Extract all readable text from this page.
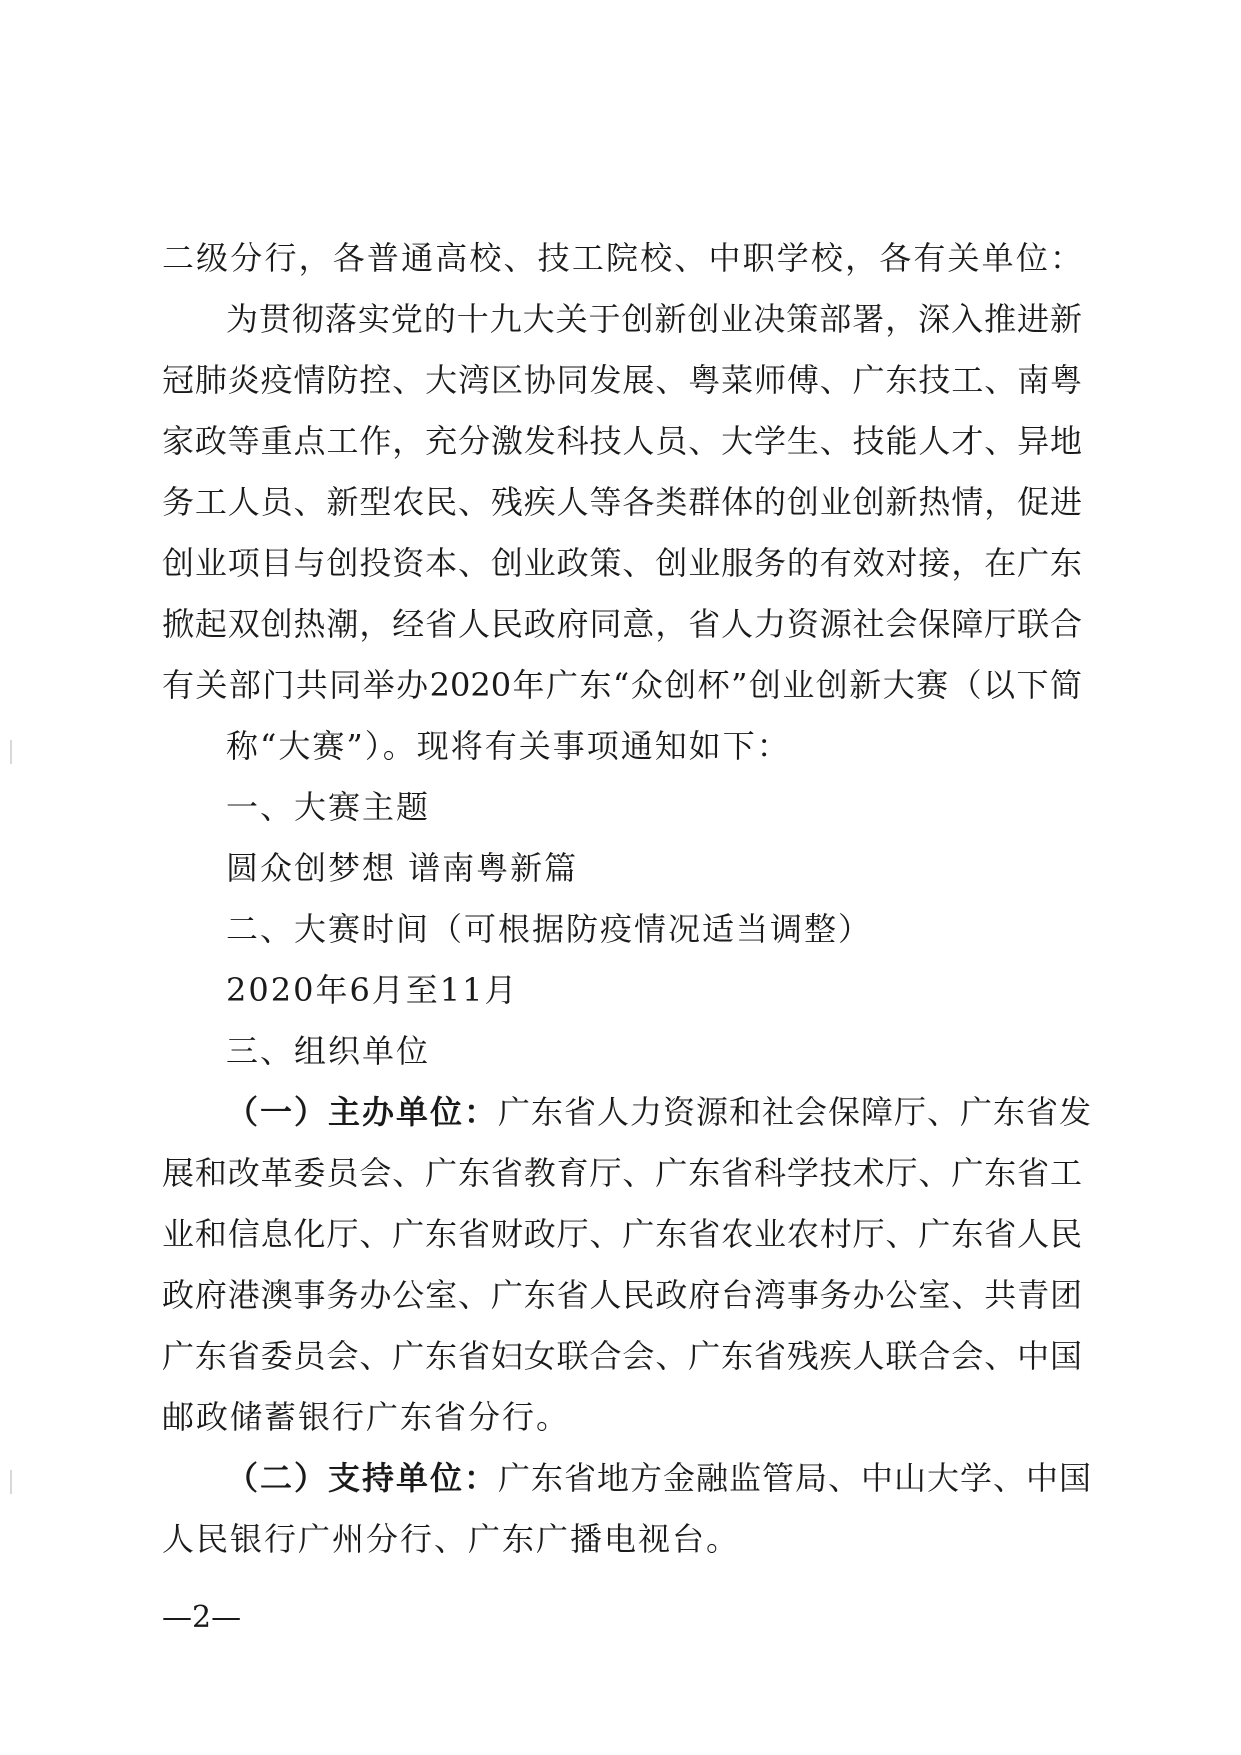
二级分行，各普通高校、技工院校、中职学校，各有关单位：
为贯彻落实党的十九大关于创新创业决策部署，深入推进新
冠肺炎疫情防控、大湾区协同发展、粤菜师傅、广东技工、南粤
家政等重点工作，充分激发科技人员、大学生、技能人才、异地
务工人员、新型农民、残疾人等各类群体的创业创新热情，促进
创业项目与创投资本、创业政策、创业服务的有效对接，在广东
掀起双创热潮，经省人民政府同意，省人力资源社会保障厅联合
有关部门共同举办2020年广东“众创杯”创业创新大赛（以下简
称“大赛”）。现将有关事项通知如下：
一、大赛主题
圆众创梦想 谱南粤新篇
二、大赛时间（可根据防疫情况适当调整）
2020年6月至11月
三、组织单位
（一）主办单位：广东省人力资源和社会保障厅、广东省发
展和改革委员会、广东省教育厅、广东省科学技术厅、广东省工
业和信息化厅、广东省财政厅、广东省农业农村厅、广东省人民
政府港澳事务办公室、广东省人民政府台湾事务办公室、共青团
广东省委员会、广东省妇女联合会、广东省残疾人联合会、中国
邮政储蓄银行广东省分行。
（二）支持单位：广东省地方金融监管局、中山大学、中国
人民银行广州分行、广东广播电视台。
—2—
